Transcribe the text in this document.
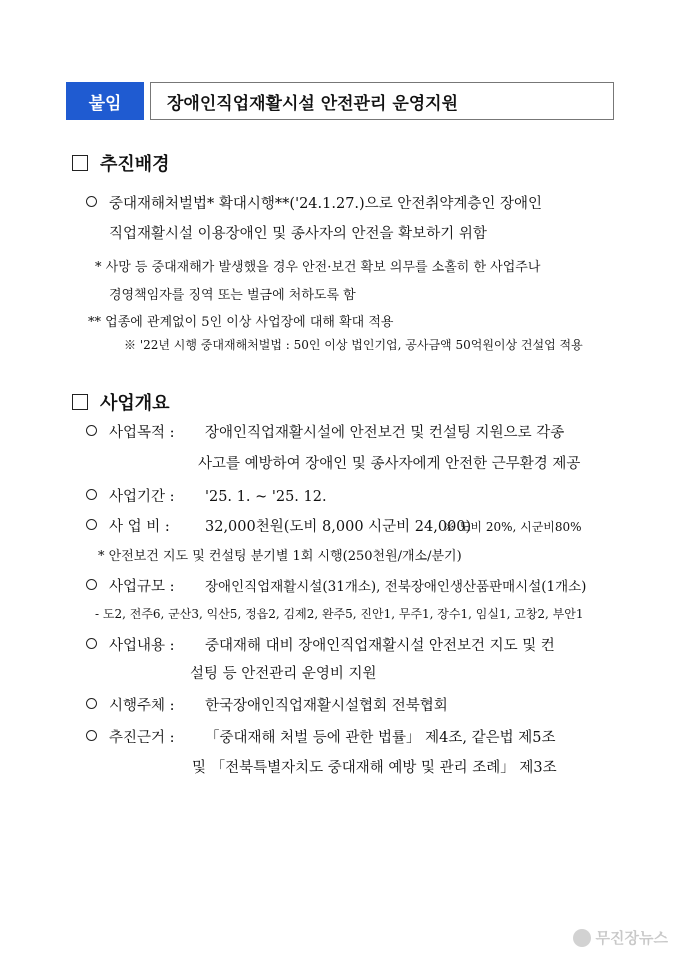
붙임	장애인직업재활시설 안전관리 운영지원
추진배경
중대재해처벌법* 확대시행**('24.1.27.)으로 안전취약계층인 장애인
직업재활시설 이용장애인 및 종사자의 안전을 확보하기 위함
* 사망 등 중대재해가 발생했을 경우 안전·보건 확보 의무를 소홀히 한 사업주나
경영책임자를 징역 또는 벌금에 처하도록 함
** 업종에 관계없이 5인 이상 사업장에 대해 확대 적용
※ '22년 시행 중대재해처벌법 : 50인 이상 법인기업, 공사금액 50억원이상 건설업 적용
사업개요
사업목적 : 장애인직업재활시설에 안전보건 및 컨설팅 지원으로 각종
사고를 예방하여 장애인 및 종사자에게 안전한 근무환경 제공
사업기간 : '25. 1. ~ '25. 12.
사 업 비 : 32,000천원(도비 8,000 시군비 24,000)
※ 도비 20%, 시군비80%
* 안전보건 지도 및 컨설팅 분기별 1회 시행(250천원/개소/분기)
사업규모 : 장애인직업재활시설(31개소), 전북장애인생산품판매시설(1개소)
- 도2, 전주6, 군산3, 익산5, 정읍2, 김제2, 완주5, 진안1, 무주1, 장수1, 임실1, 고창2, 부안1
사업내용 : 중대재해 대비 장애인직업재활시설 안전보건 지도 및 컨
설팅 등 안전관리 운영비 지원
시행주체 : 한국장애인직업재활시설협회 전북협회
추진근거 : 「중대재해 처벌 등에 관한 법률」 제4조, 같은법 제5조
및 「전북특별자치도 중대재해 예방 및 관리 조례」 제3조
무진장뉴스
